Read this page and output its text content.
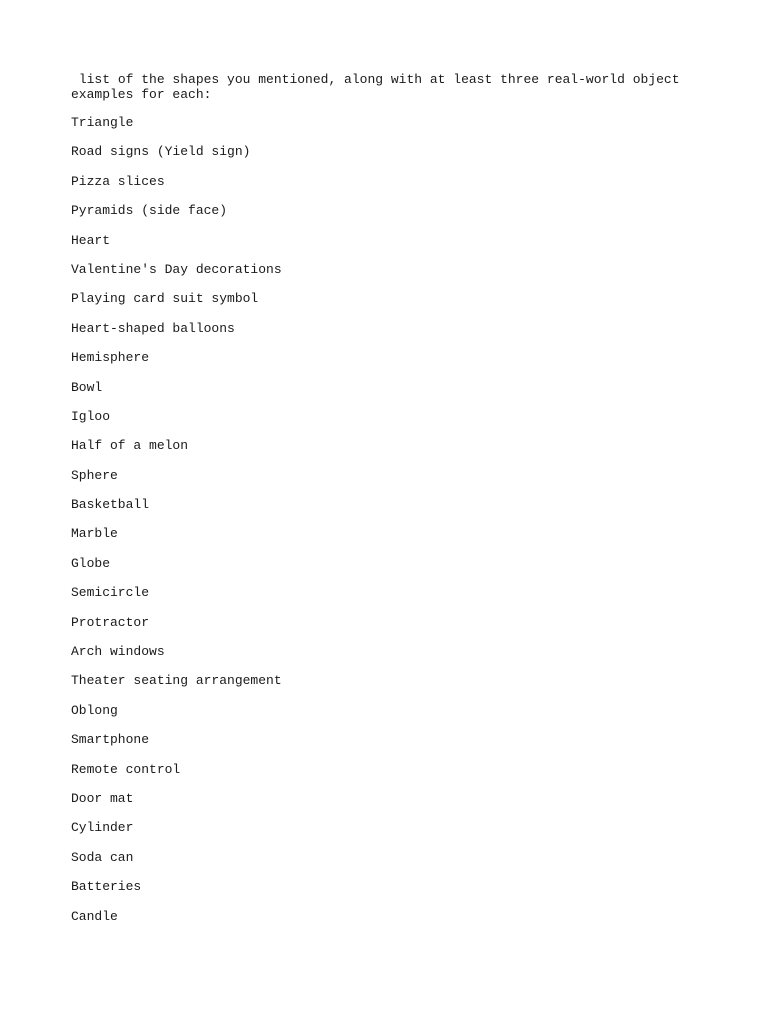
list of the shapes you mentioned, along with at least three real-world object
examples for each:

Triangle
Road signs (Yield sign)
Pizza slices
Pyramids (side face)
Heart
Valentine's Day decorations
Playing card suit symbol
Heart-shaped balloons
Hemisphere
Bowl
Igloo
Half of a melon
Sphere
Basketball
Marble
Globe
Semicircle
Protractor
Arch windows
Theater seating arrangement
Oblong
Smartphone
Remote control
Door mat
Cylinder
Soda can
Batteries
Candle
